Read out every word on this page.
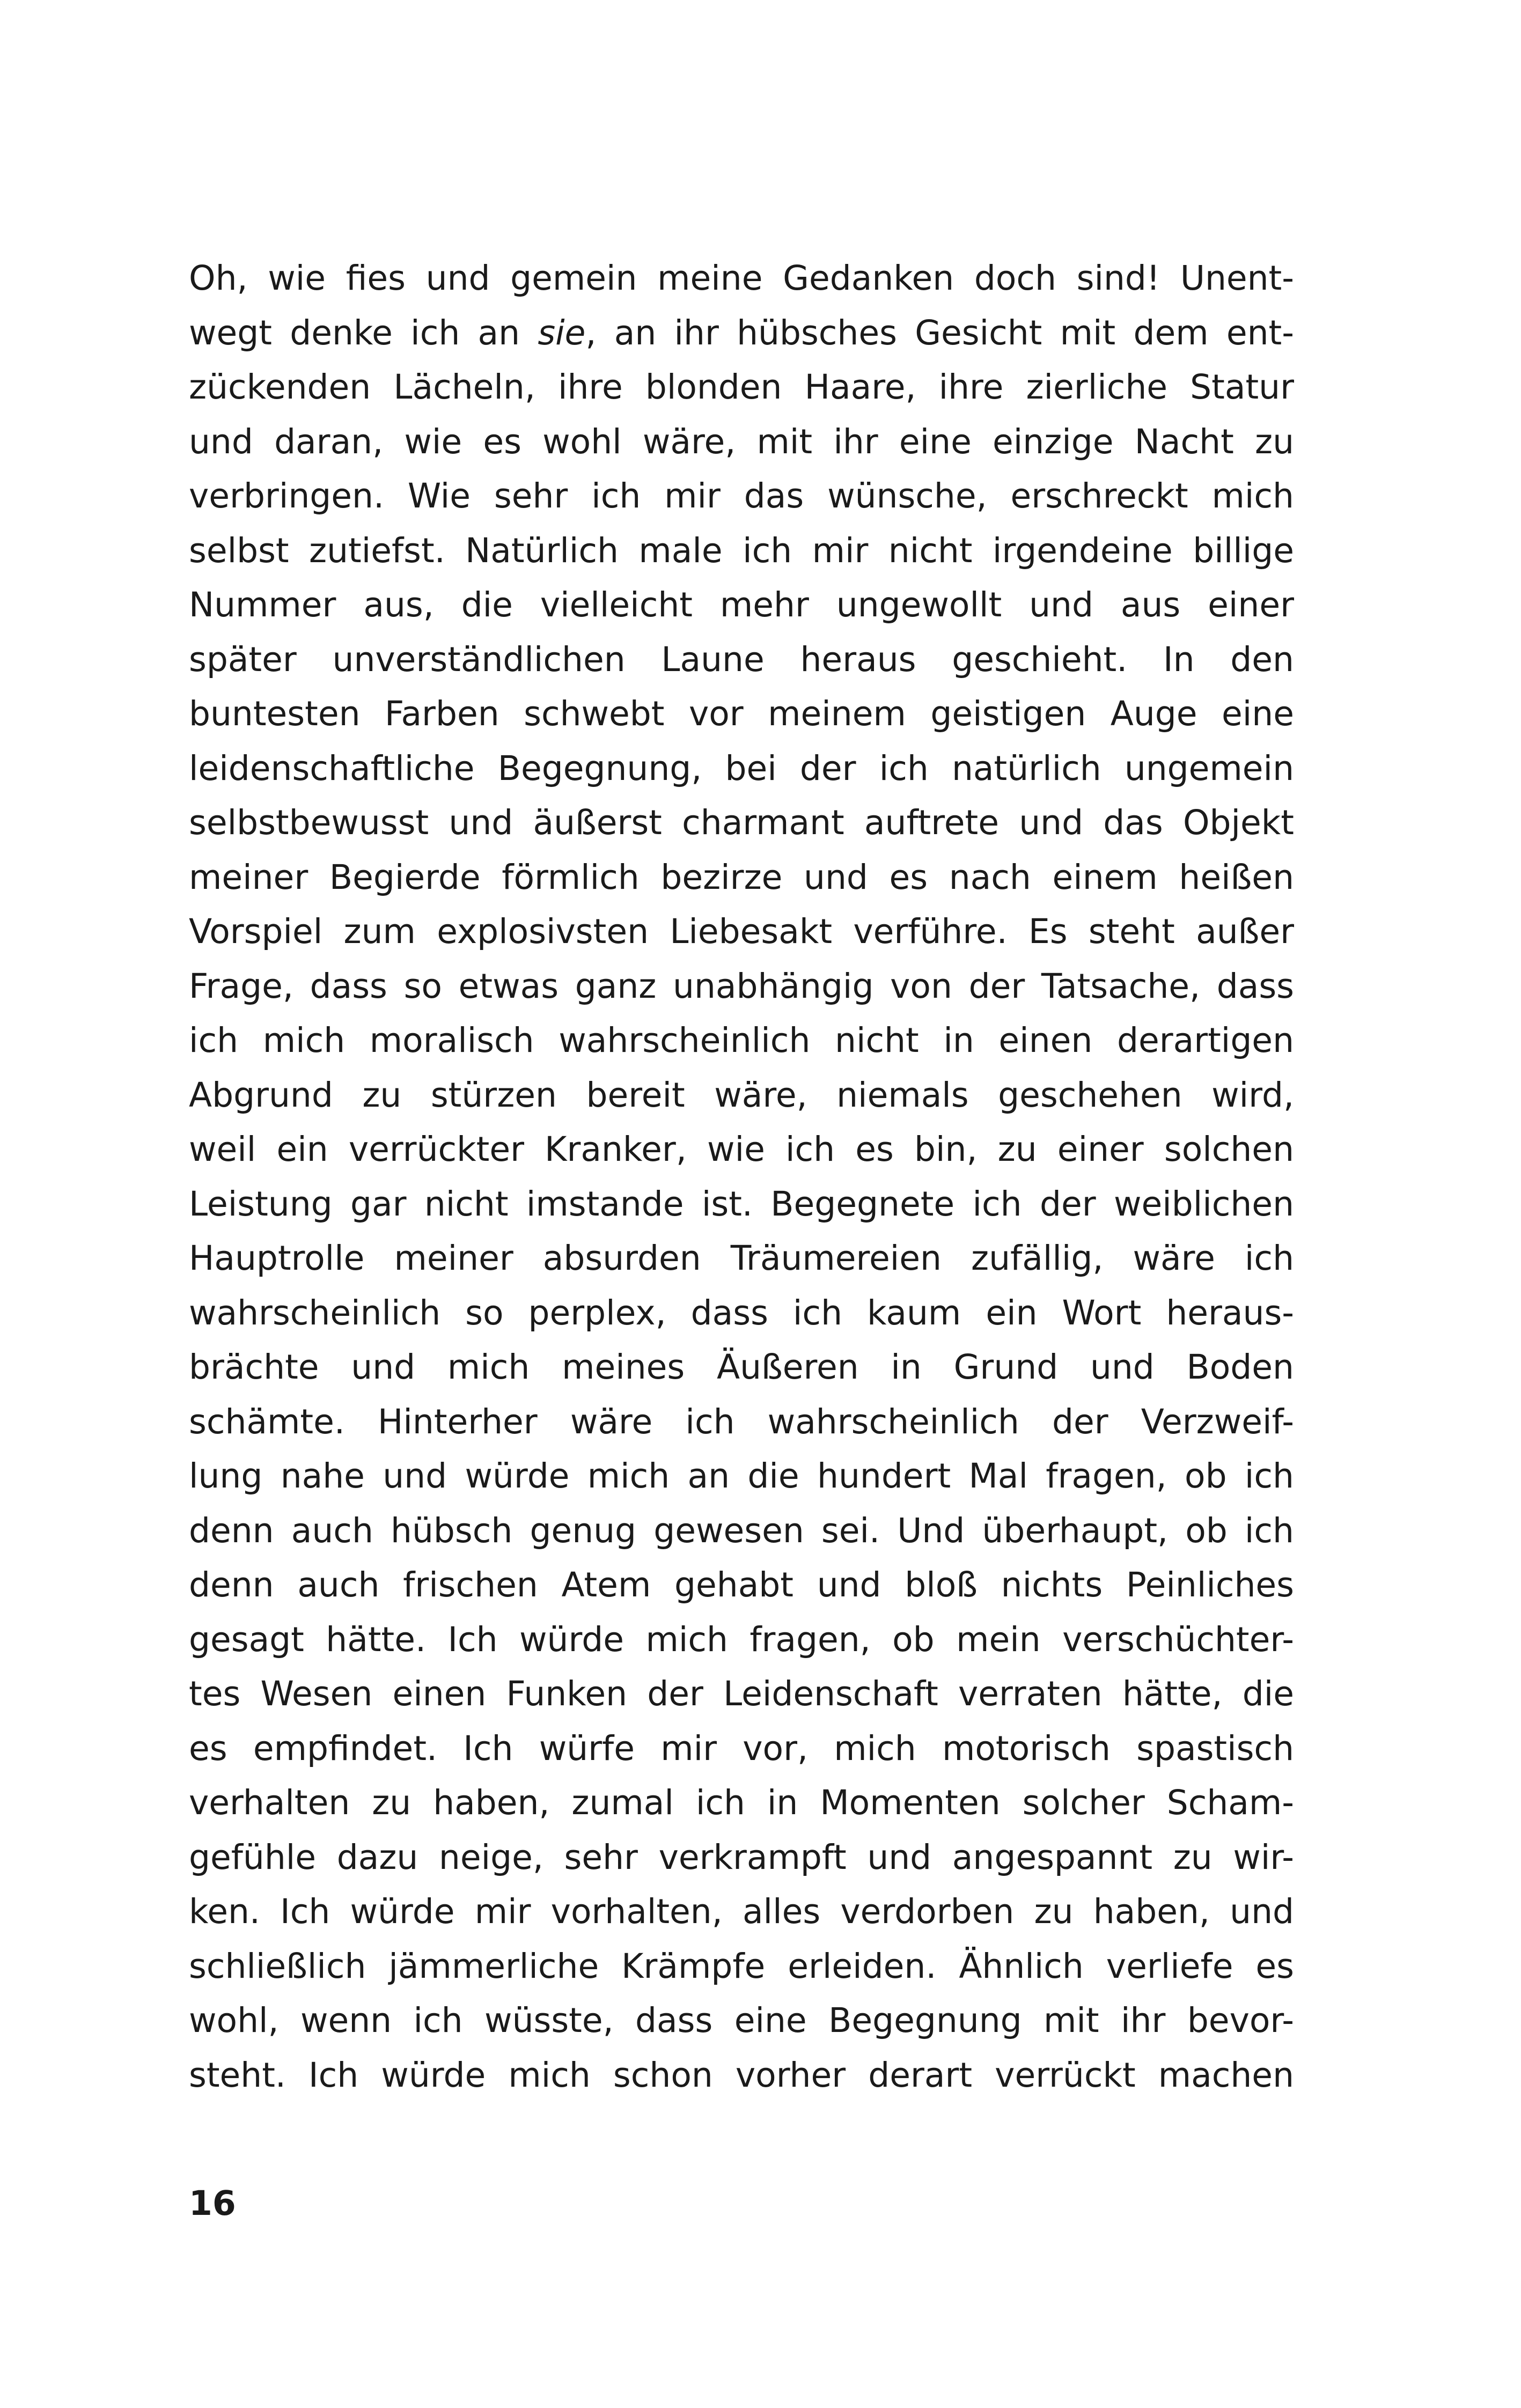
Oh, wie fies und gemein meine Gedanken doch sind! Unent-
wegt denke ich an sie, an ihr hübsches Gesicht mit dem ent-
zückenden Lächeln, ihre blonden Haare, ihre zierliche Statur
und daran, wie es wohl wäre, mit ihr eine einzige Nacht zu
verbringen. Wie sehr ich mir das wünsche, erschreckt mich
selbst zutiefst. Natürlich male ich mir nicht irgendeine billige
Nummer aus, die vielleicht mehr ungewollt und aus einer
später unverständlichen Laune heraus geschieht. In den
buntesten Farben schwebt vor meinem geistigen Auge eine
leidenschaftliche Begegnung, bei der ich natürlich ungemein
selbstbewusst und äußerst charmant auftrete und das Objekt
meiner Begierde förmlich bezirze und es nach einem heißen
Vorspiel zum explosivsten Liebesakt verführe. Es steht außer
Frage, dass so etwas ganz unabhängig von der Tatsache, dass
ich mich moralisch wahrscheinlich nicht in einen derartigen
Abgrund zu stürzen bereit wäre, niemals geschehen wird,
weil ein verrückter Kranker, wie ich es bin, zu einer solchen
Leistung gar nicht imstande ist. Begegnete ich der weiblichen
Hauptrolle meiner absurden Träumereien zufällig, wäre ich
wahrscheinlich so perplex, dass ich kaum ein Wort heraus-
brächte und mich meines Äußeren in Grund und Boden
schämte. Hinterher wäre ich wahrscheinlich der Verzweif-
lung nahe und würde mich an die hundert Mal fragen, ob ich
denn auch hübsch genug gewesen sei. Und überhaupt, ob ich
denn auch frischen Atem gehabt und bloß nichts Peinliches
gesagt hätte. Ich würde mich fragen, ob mein verschüchter-
tes Wesen einen Funken der Leidenschaft verraten hätte, die
es empfindet. Ich würfe mir vor, mich motorisch spastisch
verhalten zu haben, zumal ich in Momenten solcher Scham-
gefühle dazu neige, sehr verkrampft und angespannt zu wir-
ken. Ich würde mir vorhalten, alles verdorben zu haben, und
schließlich jämmerliche Krämpfe erleiden. Ähnlich verliefe es
wohl, wenn ich wüsste, dass eine Begegnung mit ihr bevor-
steht. Ich würde mich schon vorher derart verrückt machen
16
